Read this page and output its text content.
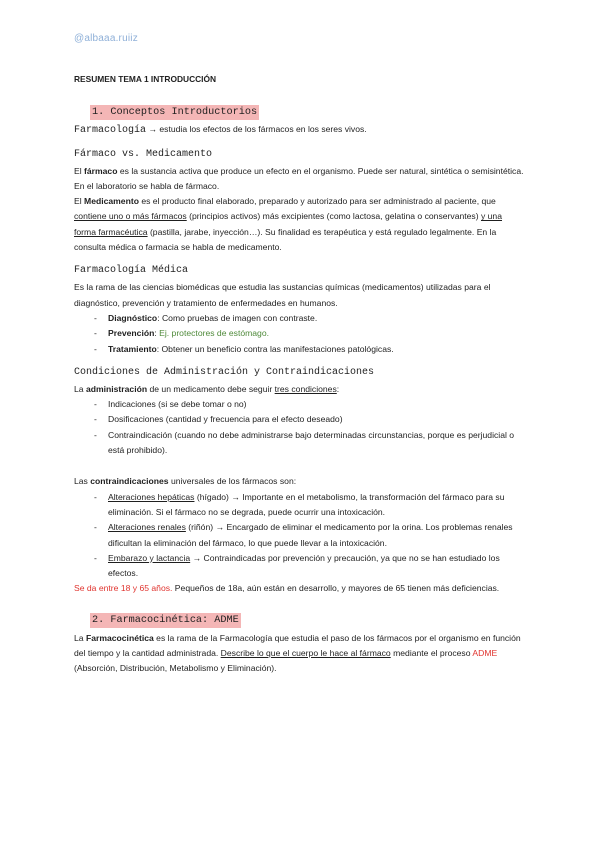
@albaaa.ruiiz

RESUMEN TEMA 1 INTRODUCCIÓN

1. Conceptos Introductorios

Farmacología → estudia los efectos de los fármacos en los seres vivos.

Fármaco vs. Medicamento

El fármaco es la sustancia activa que produce un efecto en el organismo. Puede ser natural, sintética o semisintética. En el laboratorio se habla de fármaco.

El Medicamento es el producto final elaborado, preparado y autorizado para ser administrado al paciente, que contiene uno o más fármacos (principios activos) más excipientes (como lactosa, gelatina o conservantes) y una forma farmacéutica (pastilla, jarabe, inyección…). Su finalidad es terapéutica y está regulado legalmente. En la consulta médica o farmacia se habla de medicamento.

Farmacología Médica

Es la rama de las ciencias biomédicas que estudia las sustancias químicas (medicamentos) utilizadas para el diagnóstico, prevención y tratamiento de enfermedades en humanos.

- Diagnóstico: Como pruebas de imagen con contraste.
- Prevención: Ej. protectores de estómago.
- Tratamiento: Obtener un beneficio contra las manifestaciones patológicas.

Condiciones de Administración y Contraindicaciones

La administración de un medicamento debe seguir tres condiciones:

- Indicaciones (si se debe tomar o no)
- Dosificaciones (cantidad y frecuencia para el efecto deseado)
- Contraindicación (cuando no debe administrarse bajo determinadas circunstancias, porque es perjudicial o está prohibido).

Las contraindicaciones universales de los fármacos son:

- Alteraciones hepáticas (hígado) → Importante en el metabolismo, la transformación del fármaco para su eliminación. Si el fármaco no se degrada, puede ocurrir una intoxicación.
- Alteraciones renales (riñón) → Encargado de eliminar el medicamento por la orina. Los problemas renales dificultan la eliminación del fármaco, lo que puede llevar a la intoxicación.
- Embarazo y lactancia → Contraindicadas por prevención y precaución, ya que no se han estudiado los efectos.

Se da entre 18 y 65 años. Pequeños de 18a, aún están en desarrollo, y mayores de 65 tienen más deficiencias.

2. Farmacocinética: ADME

La Farmacocinética es la rama de la Farmacología que estudia el paso de los fármacos por el organismo en función del tiempo y la cantidad administrada. Describe lo que el cuerpo le hace al fármaco mediante el proceso ADME (Absorción, Distribución, Metabolismo y Eliminación).
